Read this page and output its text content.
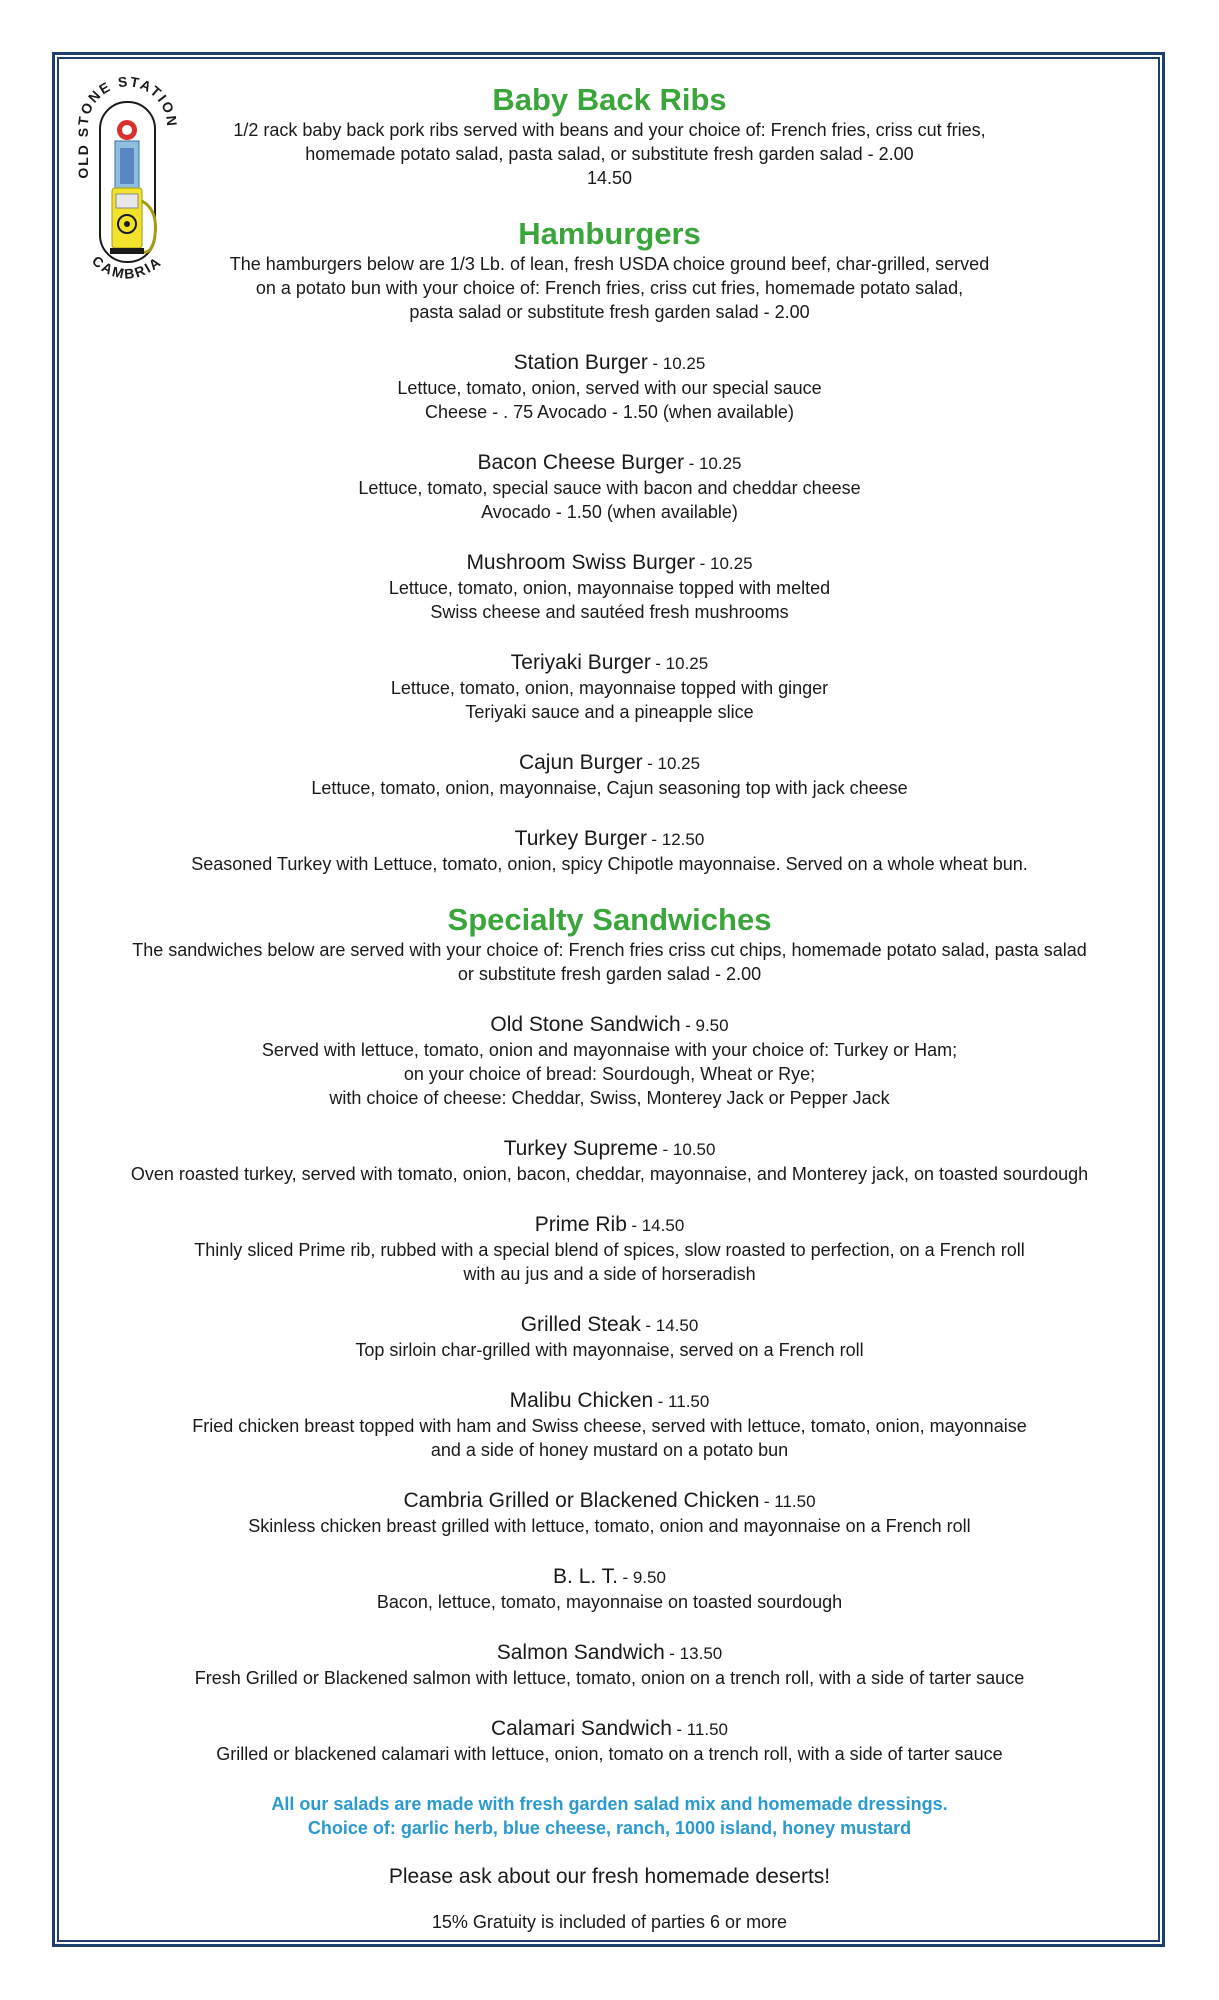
OLD STONE STATION
CAMBRIA
Baby Back Ribs

1/2 rack baby back pork ribs served with beans and your choice of: French fries, criss cut fries,

homemade potato salad, pasta salad, or substitute fresh garden salad - 2.00

14.50

Hamburgers

The hamburgers below are 1/3 Lb. of lean, fresh USDA choice ground beef, char-grilled, served

on a potato bun with your choice of: French fries, criss cut fries, homemade potato salad,

pasta salad or substitute fresh garden salad - 2.00

Station Burger - 10.25
Lettuce, tomato, onion, served with our special sauce
Cheese - . 75 Avocado - 1.50 (when available)
Bacon Cheese Burger - 10.25
Lettuce, tomato, special sauce with bacon and cheddar cheese
Avocado - 1.50 (when available)
Mushroom Swiss Burger - 10.25
Lettuce, tomato, onion, mayonnaise topped with melted
Swiss cheese and sautéed fresh mushrooms
Teriyaki Burger - 10.25
Lettuce, tomato, onion, mayonnaise topped with ginger
Teriyaki sauce and a pineapple slice
Cajun Burger - 10.25
Lettuce, tomato, onion, mayonnaise, Cajun seasoning top with jack cheese
Turkey Burger - 12.50
Seasoned Turkey with Lettuce, tomato, onion, spicy Chipotle mayonnaise. Served on a whole wheat bun.
Specialty Sandwiches

The sandwiches below are served with your choice of: French fries criss cut chips, homemade potato salad, pasta salad

or substitute fresh garden salad - 2.00

Old Stone Sandwich - 9.50
Served with lettuce, tomato, onion and mayonnaise with your choice of: Turkey or Ham;
on your choice of bread: Sourdough, Wheat or Rye;
with choice of cheese: Cheddar, Swiss, Monterey Jack or Pepper Jack
Turkey Supreme - 10.50
Oven roasted turkey, served with tomato, onion, bacon, cheddar, mayonnaise, and Monterey jack, on toasted sourdough
Prime Rib - 14.50
Thinly sliced Prime rib, rubbed with a special blend of spices, slow roasted to perfection, on a French roll
with au jus and a side of horseradish
Grilled Steak - 14.50
Top sirloin char-grilled with mayonnaise, served on a French roll
Malibu Chicken - 11.50
Fried chicken breast topped with ham and Swiss cheese, served with lettuce, tomato, onion, mayonnaise
and a side of honey mustard on a potato bun
Cambria Grilled or Blackened Chicken - 11.50
Skinless chicken breast grilled with lettuce, tomato, onion and mayonnaise on a French roll
B. L. T. - 9.50
Bacon, lettuce, tomato, mayonnaise on toasted sourdough
Salmon Sandwich - 13.50
Fresh Grilled or Blackened salmon with lettuce, tomato, onion on a trench roll, with a side of tarter sauce
Calamari Sandwich - 11.50
Grilled or blackened calamari with lettuce, onion, tomato on a trench roll, with a side of tarter sauce
All our salads are made with fresh garden salad mix and homemade dressings.
Choice of: garlic herb, blue cheese, ranch, 1000 island, honey mustard
Please ask about our fresh homemade deserts!
15% Gratuity is included of parties 6 or more
